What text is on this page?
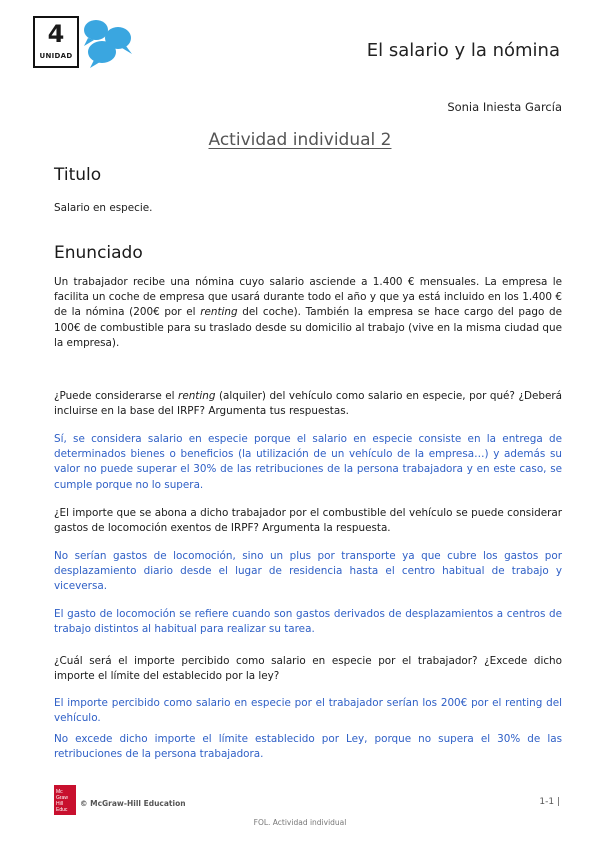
4
UNIDAD	El salario y la nómina
Sonia Iniesta García
Actividad individual 2
Titulo

Salario en especie.

Enunciado

Un trabajador recibe una nómina cuyo salario asciende a 1.400 € mensuales. La empresa le facilita un coche de empresa que usará durante todo el año y que ya está incluido en los 1.400 € de la nómina (200€ por el renting del coche). También la empresa se hace cargo del pago de 100€ de combustible para su traslado desde su domicilio al trabajo (vive en la misma ciudad que la empresa).

¿Puede considerarse el renting (alquiler) del vehículo como salario en especie, por qué? ¿Deberá incluirse en la base del IRPF? Argumenta tus respuestas.

Sí, se considera salario en especie porque el salario en especie consiste en la entrega de determinados bienes o beneficios (la utilización de un vehículo de la empresa…) y además su valor no puede superar el 30% de las retribuciones de la persona trabajadora y en este caso, se cumple porque no lo supera.

¿El importe que se abona a dicho trabajador por el combustible del vehículo se puede considerar gastos de locomoción exentos de IRPF? Argumenta la respuesta.

No serían gastos de locomoción, sino un plus por transporte ya que cubre los gastos por desplazamiento diario desde el lugar de residencia hasta el centro habitual de trabajo y viceversa.

El gasto de locomoción se refiere cuando son gastos derivados de desplazamientos a centros de trabajo distintos al habitual para realizar su tarea.

¿Cuál será el importe percibido como salario en especie por el trabajador? ¿Excede dicho importe el límite del establecido por la ley?

El importe percibido como salario en especie por el trabajador serían los 200€ por el renting del vehículo.

No excede dicho importe el límite establecido por Ley, porque no supera el 30% de las retribuciones de la persona trabajadora.

Mc
Graw
Hill
Educ
© McGraw-Hill Education	1-1 |
FOL. Actividad individual
